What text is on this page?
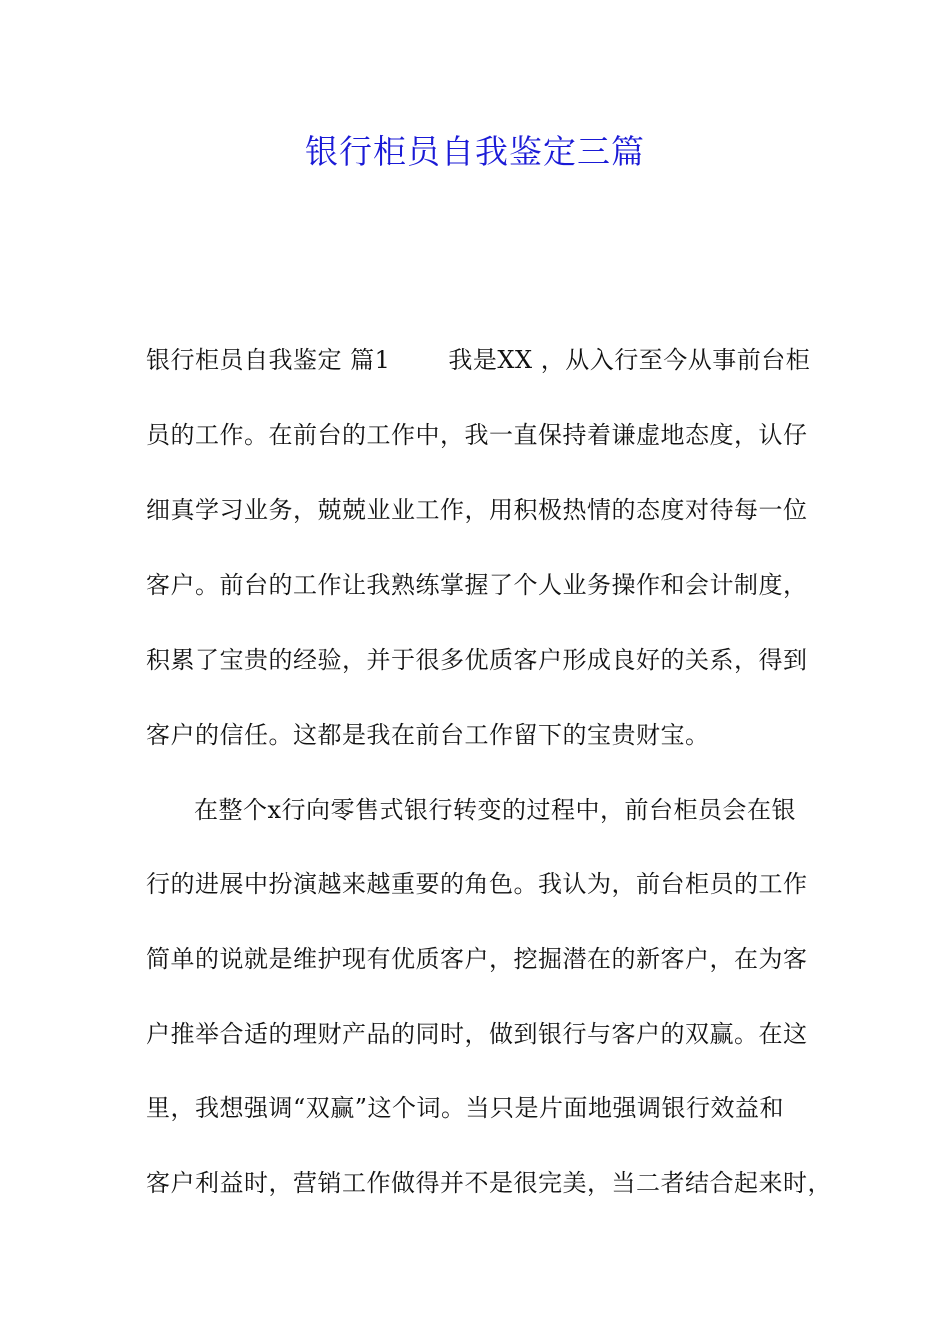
银行柜员自我鉴定三篇
银行柜员自我鉴定 篇1 我是XX ，从入行至今从事前台柜
员的工作。在前台的工作中，我一直保持着谦虚地态度，认仔
细真学习业务，兢兢业业工作，用积极热情的态度对待每一位
客户。前台的工作让我熟练掌握了个人业务操作和会计制度，
积累了宝贵的经验，并于很多优质客户形成良好的关系，得到
客户的信任。这都是我在前台工作留下的宝贵财宝。
在整个x行向零售式银行转变的过程中，前台柜员会在银
行的进展中扮演越来越重要的角色。我认为，前台柜员的工作
简单的说就是维护现有优质客户，挖掘潜在的新客户，在为客
户推举合适的理财产品的同时，做到银行与客户的双赢。在这
里，我想强调“双赢”这个词。当只是片面地强调银行效益和
客户利益时，营销工作做得并不是很完美，当二者结合起来时，
